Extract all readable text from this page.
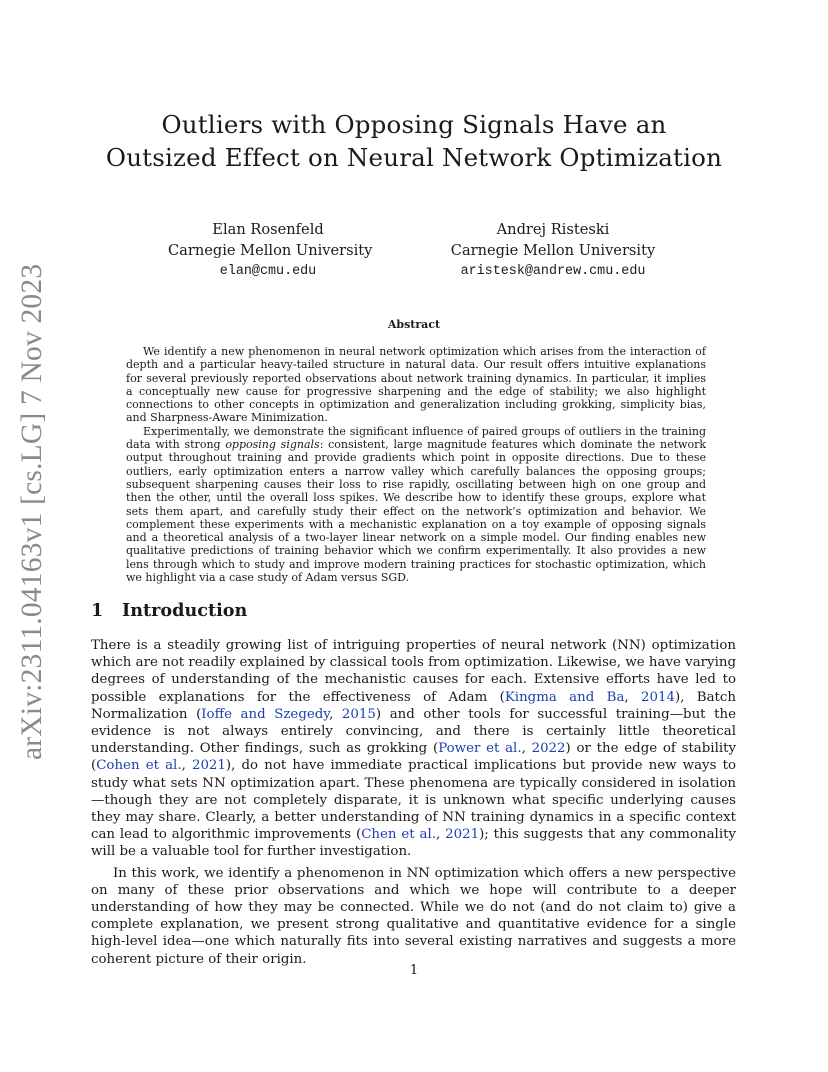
arXiv:2311.04163v1 [cs.LG] 7 Nov 2023
Outliers with Opposing Signals Have an
Outsized Effect on Neural Network Optimization
Elan Rosenfeld
Carnegie Mellon University
elan@cmu.edu
Andrej Risteski
Carnegie Mellon University
aristesk@andrew.cmu.edu
Abstract

We identify a new phenomenon in neural network optimization which arises from the interaction of depth and a particular heavy-tailed structure in natural data. Our result offers intuitive explanations for several previously reported observations about network training dynamics. In particular, it implies a conceptually new cause for progressive sharpening and the edge of stability; we also highlight connections to other concepts in optimization and generalization including grokking, simplicity bias, and Sharpness-Aware Minimization.

Experimentally, we demonstrate the significant influence of paired groups of outliers in the training data with strong opposing signals: consistent, large magnitude features which dominate the network output throughout training and provide gradients which point in opposite directions. Due to these outliers, early optimization enters a narrow valley which carefully balances the opposing groups; subsequent sharpening causes their loss to rise rapidly, oscillating between high on one group and then the other, until the overall loss spikes. We describe how to identify these groups, explore what sets them apart, and carefully study their effect on the network’s optimization and behavior. We complement these experiments with a mechanistic explanation on a toy example of opposing signals and a theoretical analysis of a two-layer linear network on a simple model. Our finding enables new qualitative predictions of training behavior which we confirm experimentally. It also provides a new lens through which to study and improve modern training practices for stochastic optimization, which we highlight via a case study of Adam versus SGD.

1 Introduction

There is a steadily growing list of intriguing properties of neural network (NN) optimization which are not readily explained by classical tools from optimization. Likewise, we have varying degrees of understanding of the mechanistic causes for each. Extensive efforts have led to possible explanations for the effectiveness of Adam (Kingma and Ba, 2014), Batch Normalization (Ioffe and Szegedy, 2015) and other tools for successful training—but the evidence is not always entirely convincing, and there is certainly little theoretical understanding. Other findings, such as grokking (Power et al., 2022) or the edge of stability (Cohen et al., 2021), do not have immediate practical implications but provide new ways to study what sets NN optimization apart. These phenomena are typically considered in isolation—though they are not completely disparate, it is unknown what specific underlying causes they may share. Clearly, a better understanding of NN training dynamics in a specific context can lead to algorithmic improvements (Chen et al., 2021); this suggests that any commonality will be a valuable tool for further investigation.

In this work, we identify a phenomenon in NN optimization which offers a new perspective on many of these prior observations and which we hope will contribute to a deeper understanding of how they may be connected. While we do not (and do not claim to) give a complete explanation, we present strong qualitative and quantitative evidence for a single high-level idea—one which naturally fits into several existing narratives and suggests a more coherent picture of their origin.

1
